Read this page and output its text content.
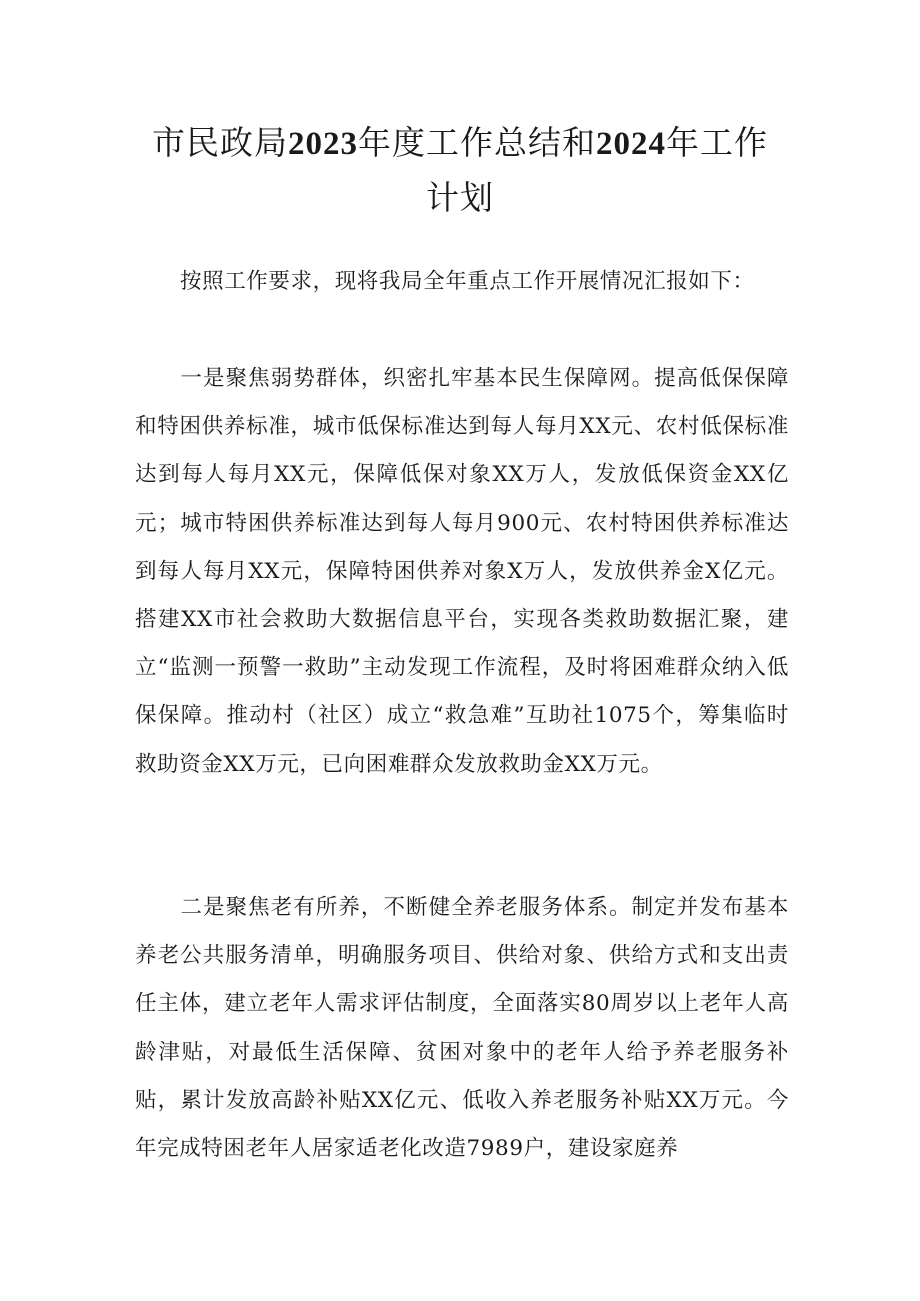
市民政局2023年度工作总结和2024年工作
计划

按照工作要求，现将我局全年重点工作开展情况汇报如下：

一是聚焦弱势群体，织密扎牢基本民生保障网。提高低保保障和特困供养标准，城市低保标准达到每人每月XX元、农村低保标准达到每人每月XX元，保障低保对象XX万人，发放低保资金XX亿元；城市特困供养标准达到每人每月900元、农村特困供养标准达到每人每月XX元，保障特困供养对象X万人，发放供养金X亿元。搭建XX市社会救助大数据信息平台，实现各类救助数据汇聚，建立“监测一预警一救助”主动发现工作流程，及时将困难群众纳入低保保障。推动村（社区）成立“救急难”互助社1075个，筹集临时救助资金XX万元，已向困难群众发放救助金XX万元。

二是聚焦老有所养，不断健全养老服务体系。制定并发布基本养老公共服务清单，明确服务项目、供给对象、供给方式和支出责任主体，建立老年人需求评估制度，全面落实80周岁以上老年人高龄津贴，对最低生活保障、贫困对象中的老年人给予养老服务补贴，累计发放高龄补贴XX亿元、低收入养老服务补贴XX万元。今年完成特困老年人居家适老化改造7989户，建设家庭养
